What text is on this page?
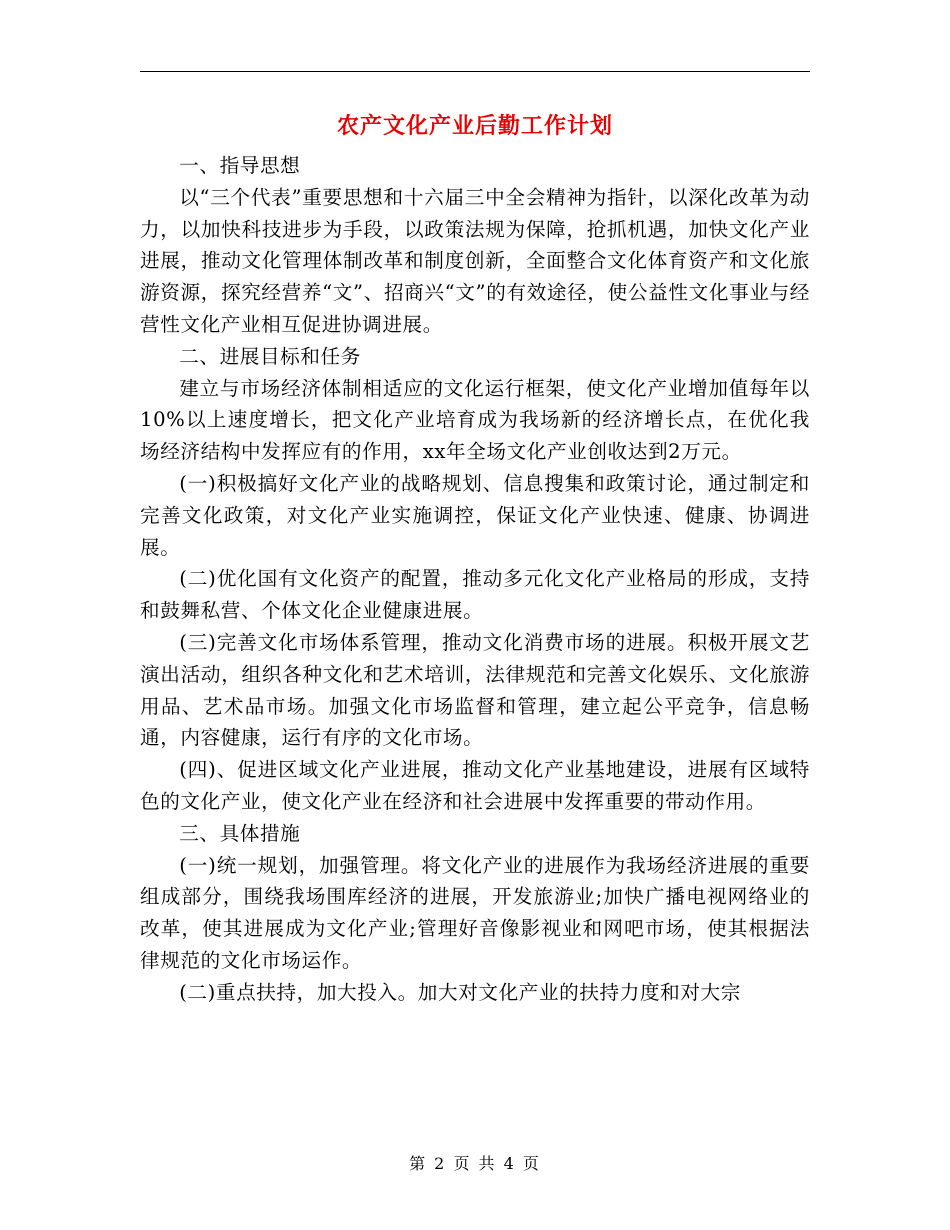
农产文化产业后勤工作计划

一、指导思想

以“三个代表”重要思想和十六届三中全会精神为指针，以深化改革为动力，以加快科技进步为手段，以政策法规为保障，抢抓机遇，加快文化产业进展，推动文化管理体制改革和制度创新，全面整合文化体育资产和文化旅游资源，探究经营养“文”、招商兴“文”的有效途径，使公益性文化事业与经营性文化产业相互促进协调进展。

二、进展目标和任务

建立与市场经济体制相适应的文化运行框架，使文化产业增加值每年以10%以上速度增长，把文化产业培育成为我场新的经济增长点，在优化我场经济结构中发挥应有的作用，xx年全场文化产业创收达到2万元。

(一)积极搞好文化产业的战略规划、信息搜集和政策讨论，通过制定和完善文化政策，对文化产业实施调控，保证文化产业快速、健康、协调进展。

(二)优化国有文化资产的配置，推动多元化文化产业格局的形成，支持和鼓舞私营、个体文化企业健康进展。

(三)完善文化市场体系管理，推动文化消费市场的进展。积极开展文艺演出活动，组织各种文化和艺术培训，法律规范和完善文化娱乐、文化旅游用品、艺术品市场。加强文化市场监督和管理，建立起公平竞争，信息畅通，内容健康，运行有序的文化市场。

(四)、促进区域文化产业进展，推动文化产业基地建设，进展有区域特色的文化产业，使文化产业在经济和社会进展中发挥重要的带动作用。

三、具体措施

(一)统一规划，加强管理。将文化产业的进展作为我场经济进展的重要组成部分，围绕我场围库经济的进展，开发旅游业;加快广播电视网络业的改革，使其进展成为文化产业;管理好音像影视业和网吧市场，使其根据法律规范的文化市场运作。

(二)重点扶持，加大投入。加大对文化产业的扶持力度和对大宗

第 2 页 共 4 页
